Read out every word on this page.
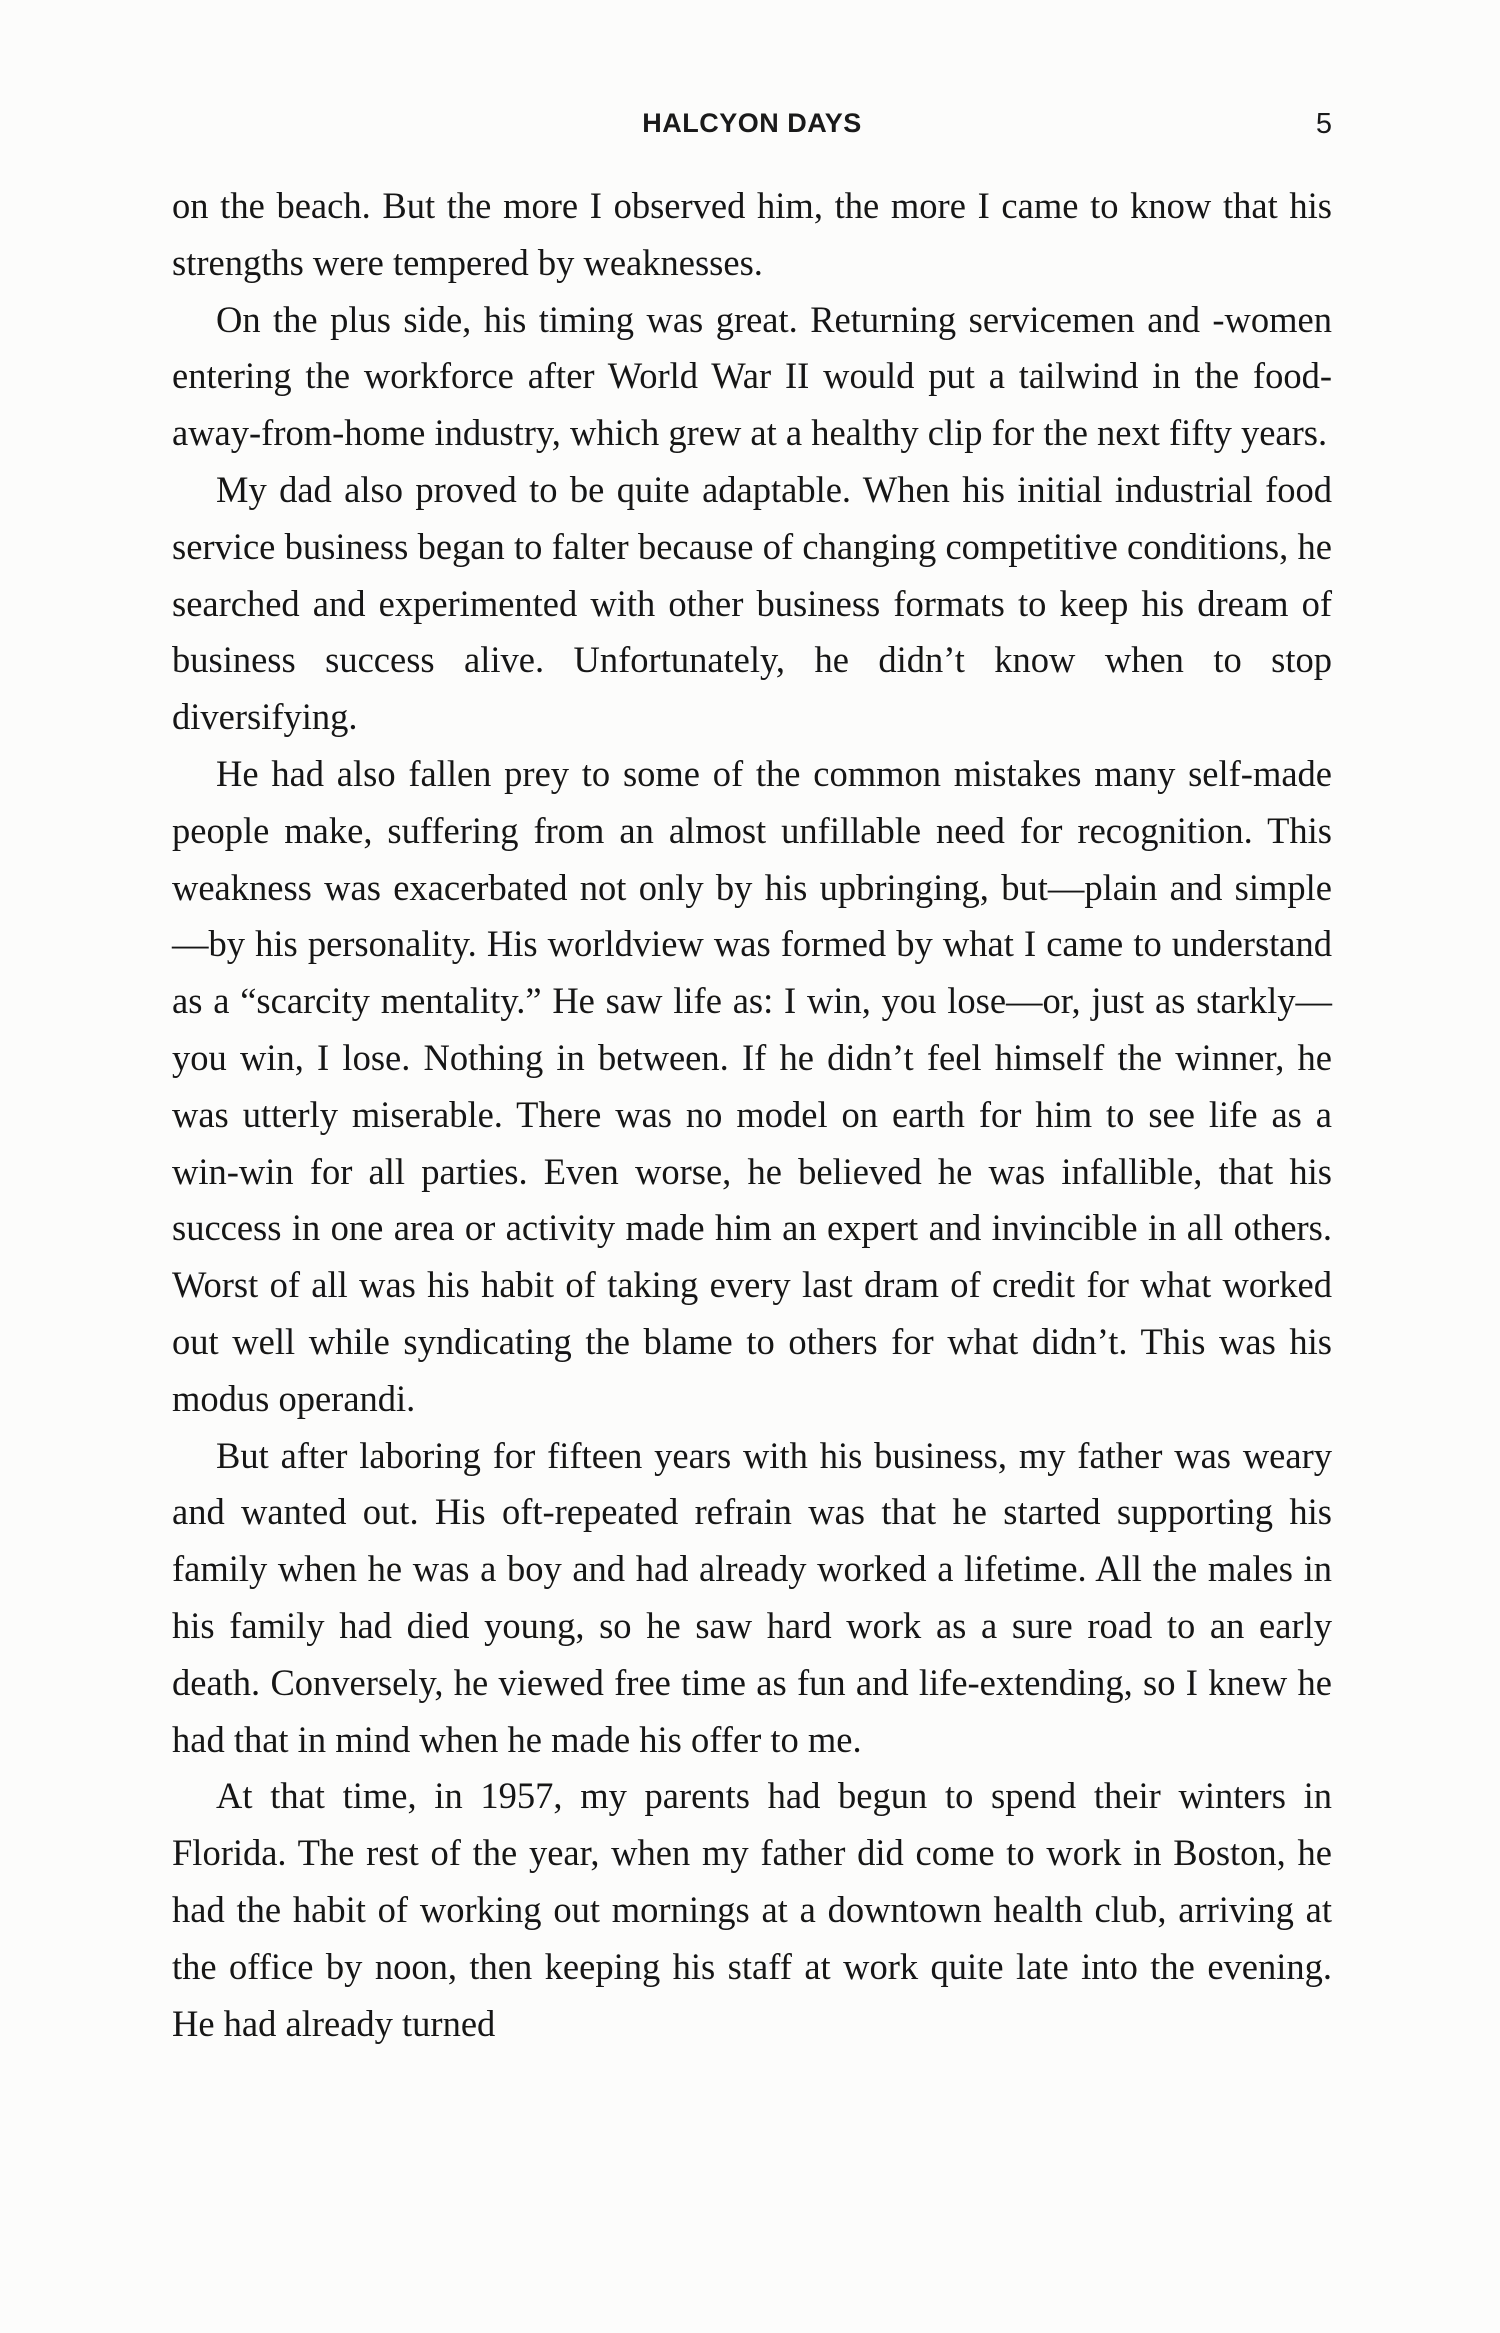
HALCYON DAYS	5

on the beach. But the more I observed him, the more I came to know that his strengths were tempered by weaknesses.

On the plus side, his timing was great. Returning servicemen and -women entering the workforce after World War II would put a tailwind in the food-away-from-home industry, which grew at a healthy clip for the next fifty years.

My dad also proved to be quite adaptable. When his initial industrial food service business began to falter because of changing competitive conditions, he searched and experimented with other business formats to keep his dream of business success alive. Unfortunately, he didn’t know when to stop diversifying.

He had also fallen prey to some of the common mistakes many self-made people make, suffering from an almost unfillable need for recognition. This weakness was exacerbated not only by his upbringing, but—plain and simple—by his personality. His worldview was formed by what I came to understand as a “scarcity mentality.” He saw life as: I win, you lose—or, just as starkly—you win, I lose. Nothing in between. If he didn’t feel himself the winner, he was utterly miserable. There was no model on earth for him to see life as a win-win for all parties. Even worse, he believed he was infallible, that his success in one area or activity made him an expert and invincible in all others. Worst of all was his habit of taking every last dram of credit for what worked out well while syndicating the blame to others for what didn’t. This was his modus operandi.

But after laboring for fifteen years with his business, my father was weary and wanted out. His oft-repeated refrain was that he started supporting his family when he was a boy and had already worked a lifetime. All the males in his family had died young, so he saw hard work as a sure road to an early death. Conversely, he viewed free time as fun and life-extending, so I knew he had that in mind when he made his offer to me.

At that time, in 1957, my parents had begun to spend their winters in Florida. The rest of the year, when my father did come to work in Boston, he had the habit of working out mornings at a downtown health club, arriving at the office by noon, then keeping his staff at work quite late into the evening. He had already turned
